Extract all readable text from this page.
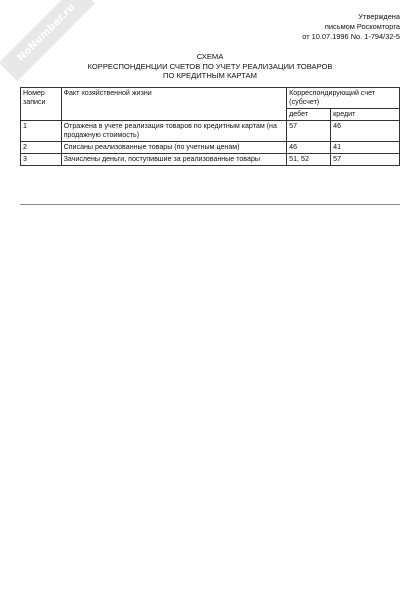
NoNumber.ru	Утверждена
письмом Роскомторга
от 10.07.1996 No. 1-794/32-5
СХЕМА
КОРРЕСПОНДЕНЦИИ СЧЕТОВ ПО УЧЕТУ РЕАЛИЗАЦИИ ТОВАРОВ
ПО КРЕДИТНЫМ КАРТАМ
Номер записи	Факт хозяйственной жизни	Корреспондирующий счет (субсчет)	
		дебет	кредит
1	Отражена в учете реализация товаров по кредитным картам (на продажную стоимость)	57	46
2	Списаны реализованные товары (по учетным ценам)	46	41
3	Зачислены деньги, поступившие за реализованные товары	51, 52	57
